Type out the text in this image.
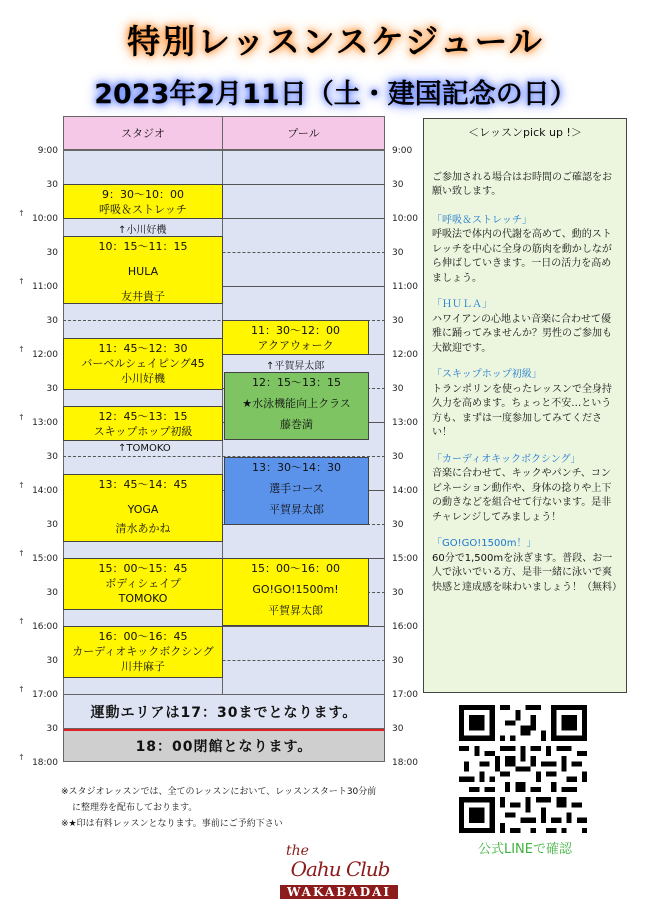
特別レッスンスケジュール
2023年2月11日（土・建国記念の日）
スタジオ	プール
9:00
30
10:00
30
11:00
30
12:00
30
13:00
30
14:00
30
15:00
30
16:00
30
17:00
30
18:00
↑
↑
↑
↑
↑
↑
↑
↑
↑
9:00
30
10:00
30
11:00
30
12:00
30
13:00
30
14:00
30
15:00
30
16:00
30
17:00
30
18:00
9：30〜10：00
呼吸＆ストレッチ
↑小川好機
10：15〜11：15
HULA
友井貴子
11：45〜12：30
バーベルシェイピング45
小川好機
12：45〜13：15
スキップホップ初級
↑TOMOKO
13：45〜14：45
YOGA
清水あかね
15：00〜15：45
ボディシェイプ
TOMOKO
16：00〜16：45
カーディオキックボクシング
川井麻子
11：30〜12：00
アクアウォーク
↑平賀昇太郎
12：15〜13：15
★水泳機能向上クラス
藤巻満
13：30〜14：30
選手コース
平賀昇太郎
15：00〜16：00
GO!GO!1500m!
平賀昇太郎
運動エリアは17：30までとなります。
18：00閉館となります。
＜レッスンpick up !＞
ご参加される場合はお時間のご確認をお願い致します。
「呼吸＆ストレッチ」
呼吸法で体内の代謝を高めて、動的ストレッチを中心に全身の筋肉を動かしながら伸ばしていきます。一日の活力を高めましょう。
「ＨＵＬＡ」
ハワイアンの心地よい音楽に合わせて優雅に踊ってみませんか？男性のご参加も大歓迎です。
「スキップホップ初級」
トランポリンを使ったレッスンで全身持久力を高めます。ちょっと不安…という方も、まずは一度参加してみてください！
「カーディオキックボクシング」
音楽に合わせて、キックやパンチ、コンビネーション動作や、身体の捻りや上下の動きなどを組合せて行ないます。是非チャレンジしてみましょう！
「GO!GO!1500m！」
60分で1,500mを泳ぎます。普段、お一人で泳いでいる方、是非一緒に泳いで爽快感と達成感を味わいましょう！（無料）
公式LINEで確認
※スタジオレッスンでは、全てのレッスンにおいて、レッスンスタート30分前
に整理券を配布しております。
※★印は有料レッスンとなります。事前にご予約下さい
the
Oahu Club
WAKABADAI
